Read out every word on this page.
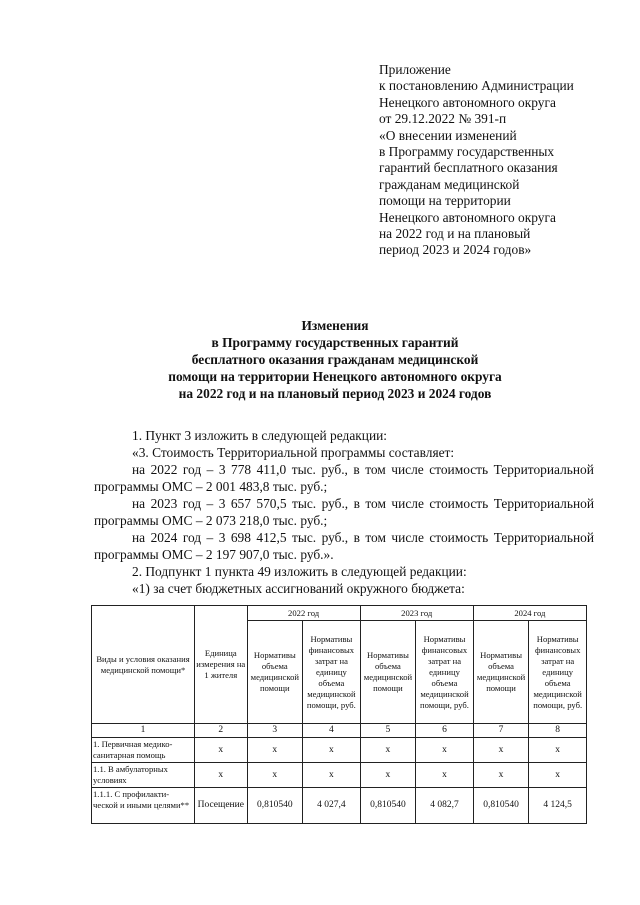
Приложение
к постановлению Администрации
Ненецкого автономного округа
от 29.12.2022 № 391-п
«О внесении изменений
в Программу государственных
гарантий бесплатного оказания
гражданам медицинской
помощи на территории
Ненецкого автономного округа
на 2022 год и на плановый
период 2023 и 2024 годов»
Изменения
в Программу государственных гарантий
бесплатного оказания гражданам медицинской
помощи на территории Ненецкого автономного округа
на 2022 год и на плановый период 2023 и 2024 годов
1. Пункт 3 изложить в следующей редакции:
«3. Стоимость Территориальной программы составляет:
на 2022 год – 3 778 411,0 тыс. руб., в том числе стоимость Территориальной
программы ОМС – 2 001 483,8 тыс. руб.;
на 2023 год – 3 657 570,5 тыс. руб., в том числе стоимость Территориальной
программы ОМС – 2 073 218,0 тыс. руб.;
на 2024 год – 3 698 412,5 тыс. руб., в том числе стоимость Территориальной
программы ОМС – 2 197 907,0 тыс. руб.».
2. Подпункт 1 пункта 49 изложить в следующей редакции:
«1) за счет бюджетных ассигнований окружного бюджета:
Виды и условия оказания медицинской помощи*	Единица измерения на 1 жителя	2022 год		2023 год		2024 год	
		Нормативы объема медицинской помощи	Нормативы финансовых затрат на единицу объема медицинской помощи, руб.	Нормативы объема медицинской помощи	Нормативы финансовых затрат на единицу объема медицинской помощи, руб.	Нормативы объема медицинской помощи	Нормативы финансовых затрат на единицу объема медицинской помощи, руб.
1	2	3	4	5	6	7	8
1. Первичная медико-санитарная помощь	х	х	х	х	х	х	х
1.1. В амбулаторных условиях	х	х	х	х	х	х	х
1.1.1. С профилакти-ческой и иными целями**	Посещение	0,810540	4 027,4	0,810540	4 082,7	0,810540	4 124,5
